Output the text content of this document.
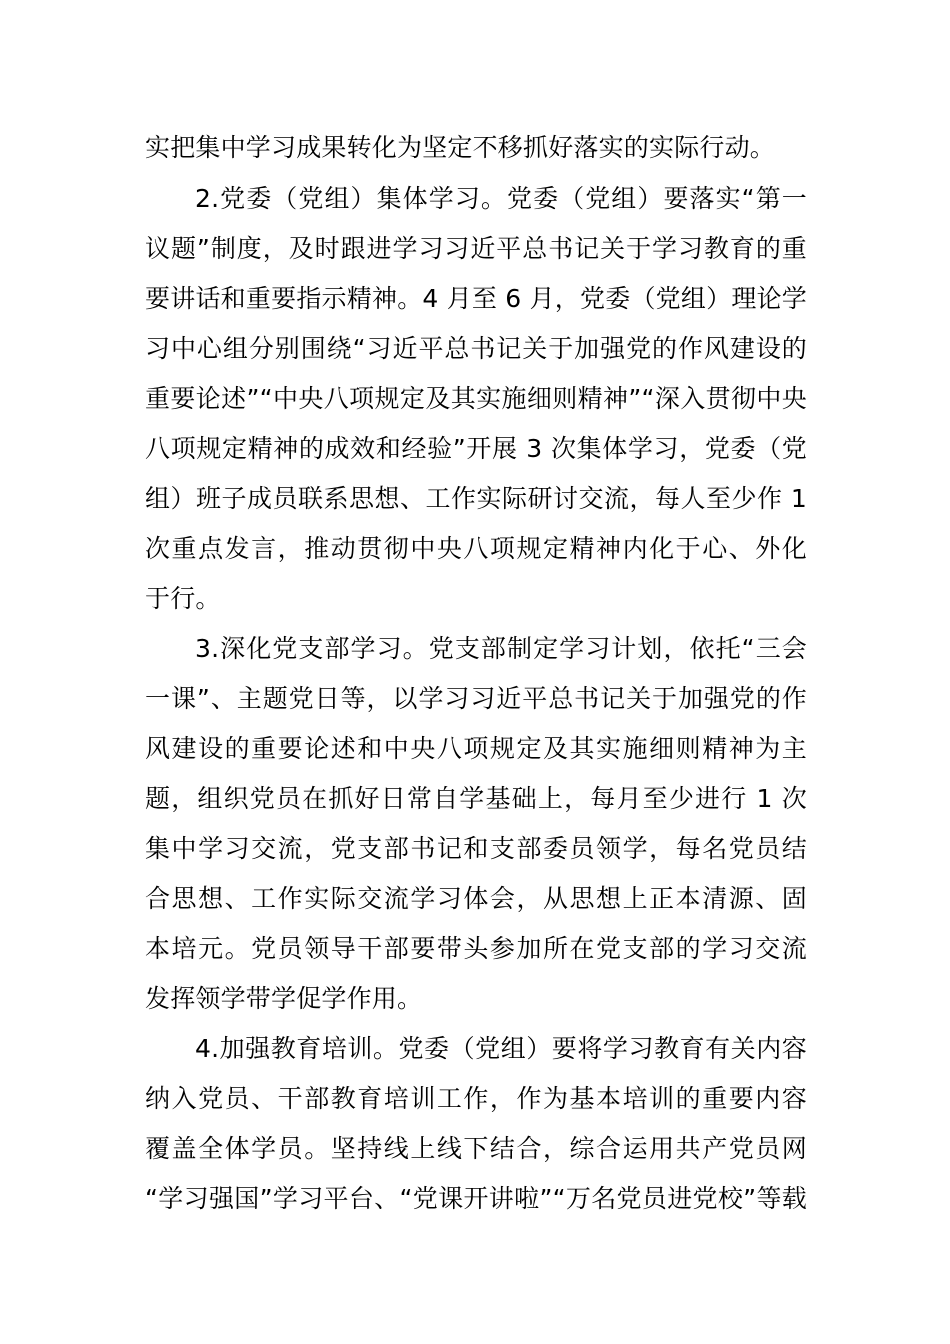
实把集中学习成果转化为坚定不移抓好落实的实际行动。
2.党委（党组）集体学习。党委（党组）要落实“第一
议题”制度，及时跟进学习习近平总书记关于学习教育的重
要讲话和重要指示精神。4 月至 6 月，党委（党组）理论学
习中心组分别围绕“习近平总书记关于加强党的作风建设的
重要论述”“中央八项规定及其实施细则精神”“深入贯彻中央
八项规定精神的成效和经验”开展 3 次集体学习，党委（党
组）班子成员联系思想、工作实际研讨交流，每人至少作 1
次重点发言，推动贯彻中央八项规定精神内化于心、外化
于行。
3.深化党支部学习。党支部制定学习计划，依托“三会
一课”、主题党日等，以学习习近平总书记关于加强党的作
风建设的重要论述和中央八项规定及其实施细则精神为主
题，组织党员在抓好日常自学基础上，每月至少进行 1 次
集中学习交流，党支部书记和支部委员领学，每名党员结
合思想、工作实际交流学习体会，从思想上正本清源、固
本培元。党员领导干部要带头参加所在党支部的学习交流
发挥领学带学促学作用。
4.加强教育培训。党委（党组）要将学习教育有关内容
纳入党员、干部教育培训工作，作为基本培训的重要内容
覆盖全体学员。坚持线上线下结合，综合运用共产党员网
“学习强国”学习平台、“党课开讲啦”“万名党员进党校”等载
